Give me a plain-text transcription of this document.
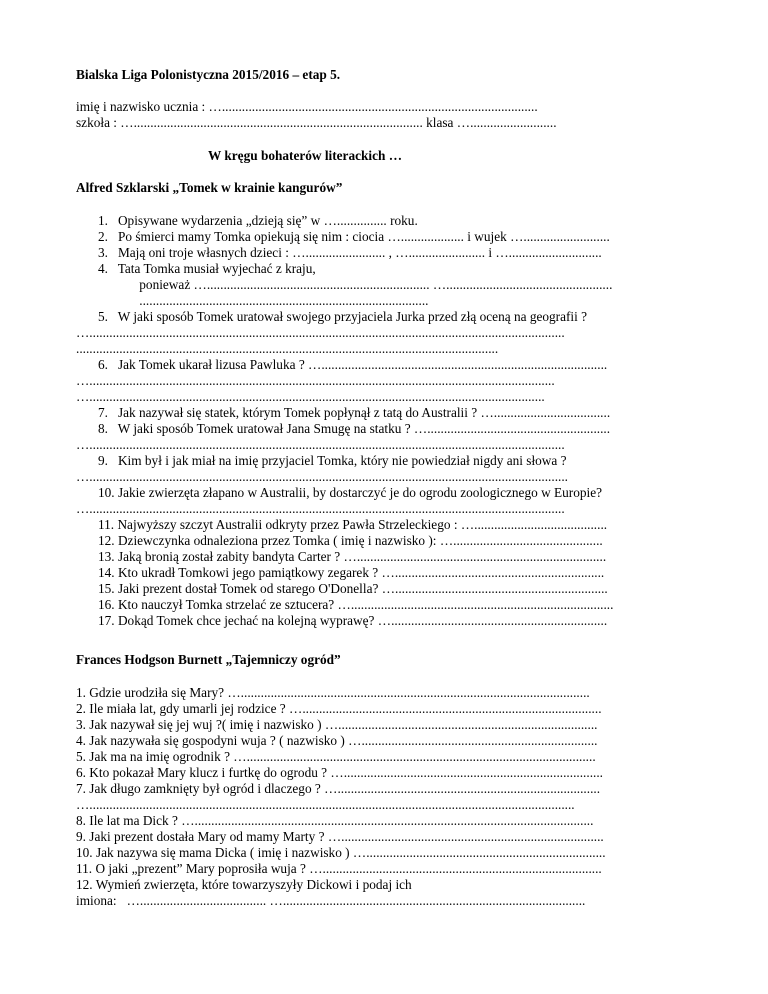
Bialska Liga Polonistyczna 2015/2016 – etap 5.
imię i nazwisko ucznia : …...............................................................................................
szkoła : …....................................................................................... klasa …..........................
W kręgu bohaterów literackich …
Alfred Szklarski „Tomek w krainie kangurów”
1.   Opisywane wydarzenia „dzieją się” w …............... roku.
2.   Po śmierci mamy Tomka opiekują się nim : ciocia …................... i wujek …..........................
3.   Mają oni troje własnych dzieci : …........................ , …....................... i …............................
4.   Tata Tomka musiał wyjechać z kraju,
ponieważ …................................................................... …..................................................
.......................................................................................
5.   W jaki sposób Tomek uratował swojego przyjaciela Jurka przed złą oceną na geografii ?
…...............................................................................................................................................
...............................................................................................................................
6.   Jak Tomek ukarał lizusa Pawluka ? …......................................................................................
…............................................................................................................................................
….........................................................................................................................................
7.   Jak nazywał się statek, którym Tomek popłynął z tatą do Australii ? …...................................
8.   W jaki sposób Tomek uratował Jana Smugę na statku ? ….......................................................
…...............................................................................................................................................
9.   Kim był i jak miał na imię przyjaciel Tomka, który nie powiedział nigdy ani słowa ?
…................................................................................................................................................
10. Jakie zwierzęta złapano w Australii, by dostarczyć je do ogrodu zoologicznego w Europie?
…...............................................................................................................................................
11. Najwyższy szczyt Australii odkryty przez Pawła Strzeleckiego : …........................................
12. Dziewczynka odnaleziona przez Tomka ( imię i nazwisko ): ….............................................
13. Jaką bronią został zabity bandyta Carter ? …...........................................................................
14. Kto ukradł Tomkowi jego pamiątkowy zegarek ? …...............................................................
15. Jaki prezent dostał Tomek od starego O'Donella? …................................................................
16. Kto nauczył Tomka strzelać ze sztucera? …...............................................................................
17. Dokąd Tomek chce jechać na kolejną wyprawę? ….................................................................
Frances Hodgson Burnett „Tajemniczy ogród”
1. Gdzie urodziła się Mary? ….........................................................................................................
2. Ile miała lat, gdy umarli jej rodzice ? …..........................................................................................
3. Jak nazywał się jej wuj ?( imię i nazwisko ) …..............................................................................
4. Jak nazywała się gospodyni wuja ? ( nazwisko ) ….......................................................................
5. Jak ma na imię ogrodnik ? ….........................................................................................................
6. Kto pokazał Mary klucz i furtkę do ogrodu ? …..............................................................................
7. Jak długo zamknięty był ogród i dlaczego ? …...............................................................................
…..................................................................................................................................................
8. Ile lat ma Dick ? …........................................................................................................................
9. Jaki prezent dostała Mary od mamy Marty ? …...............................................................................
10. Jak nazywa się mama Dicka ( imię i nazwisko ) …........................................................................
11. O jaki „prezent” Mary poprosiła wuja ? …....................................................................................
12. Wymień zwierzęta, które towarzyszyły Dickowi i podaj ich
imiona:   …...................................... …...........................................................................................
